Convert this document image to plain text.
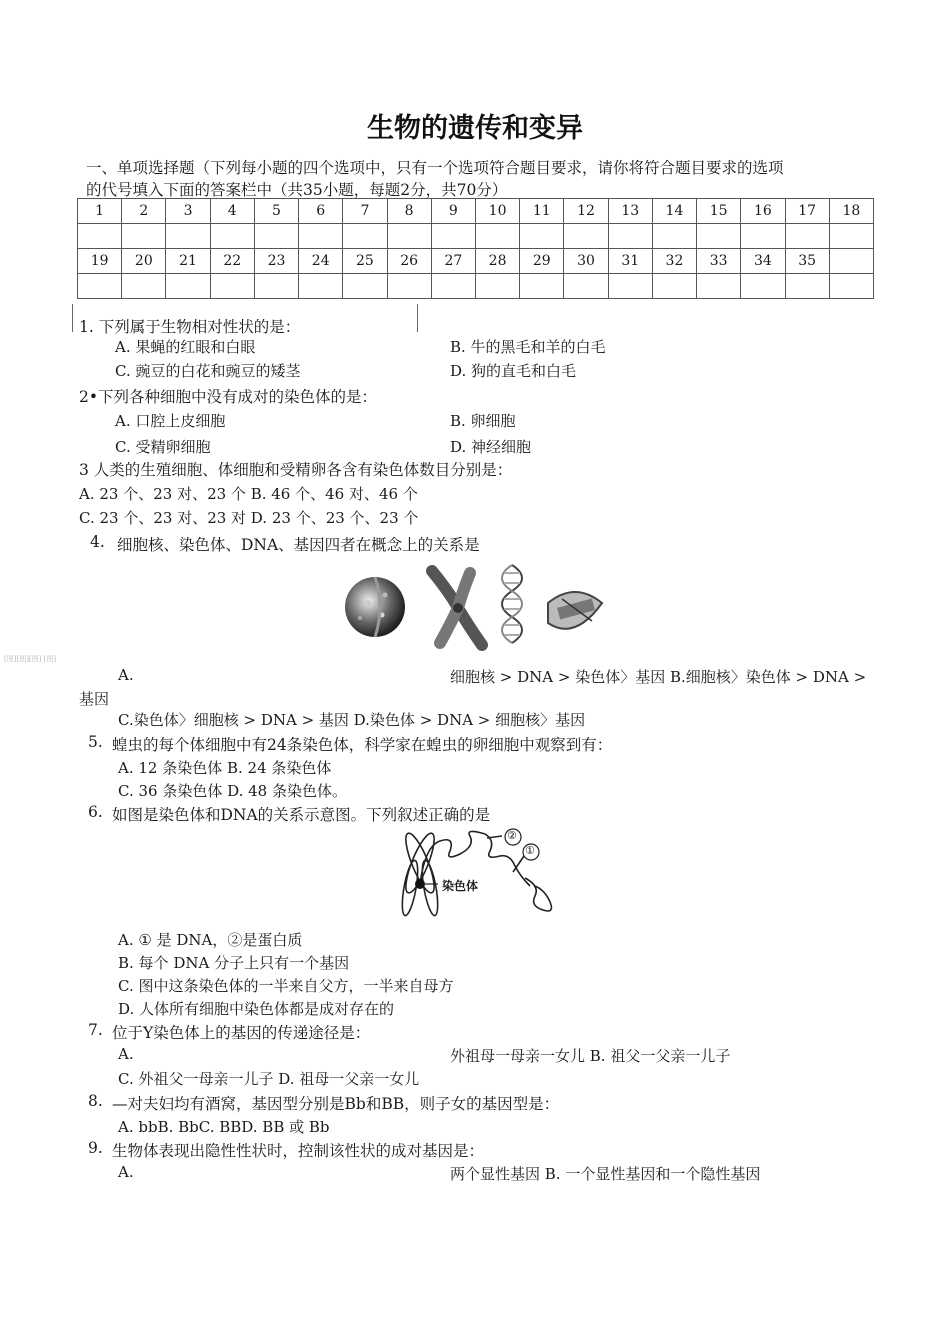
生物的遗传和变异
一、单项选择题（下列每小题的四个选项中，只有一个选项符合题目要求，请你将符合题目要求的选项
的代号填入下面的答案栏中（共35小题，每题2分，共70分）
1	2	3	4	5	6	7	8	9	10	11	12	13	14	15	16	17	18

19	20	21	22	23	24	25	26	27	28	29	30	31	32	33	34	35	

1. 下列属于生物相对性状的是：
A. 果蝇的红眼和白眼	B. 牛的黑毛和羊的白毛
C. 豌豆的白花和豌豆的矮茎	D. 狗的直毛和白毛
2•下列各种细胞中没有成对的染色体的是：
A. 口腔上皮细胞	B. 卵细胞
C. 受精卵细胞	D. 神经细胞
3 人类的生殖细胞、体细胞和受精卵各含有染色体数目分别是：
A. 23 个、23 对、23 个 B. 46 个、46 对、46 个
C. 23 个、23 对、23 对 D. 23 个、23 个、23 个
4. 细胞核、染色体、DNA、基因四者在概念上的关系是
[图][图][图] [图]
A.	细胞核 > DNA > 染色体〉基因 B.细胞核〉染色体 > DNA >
基因
C.染色体〉细胞核 > DNA > 基因 D.染色体 > DNA > 细胞核〉基因
5. 蝗虫的每个体细胞中有24条染色体，科学家在蝗虫的卵细胞中观察到有：
A. 12 条染色体 B. 24 条染色体
C. 36 条染色体 D. 48 条染色体。
6. 如图是染色体和DNA的关系示意图。下列叙述正确的是
染色体
②
①
A. ① 是 DNA，②是蛋白质
B. 每个 DNA 分子上只有一个基因
C. 图中这条染色体的一半来自父方，一半来自母方
D. 人体所有细胞中染色体都是成对存在的
7. 位于Y染色体上的基因的传递途径是：
A.	外祖母一母亲一女儿 B. 祖父一父亲一儿子
C. 外祖父一母亲一儿子 D. 祖母一父亲一女儿
8. —对夫妇均有酒窝，基因型分别是Bb和BB，则子女的基因型是：
A. bbB. BbC. BBD. BB 或 Bb
9. 生物体表现出隐性性状时，控制该性状的成对基因是：
A.	两个显性基因 B. 一个显性基因和一个隐性基因
